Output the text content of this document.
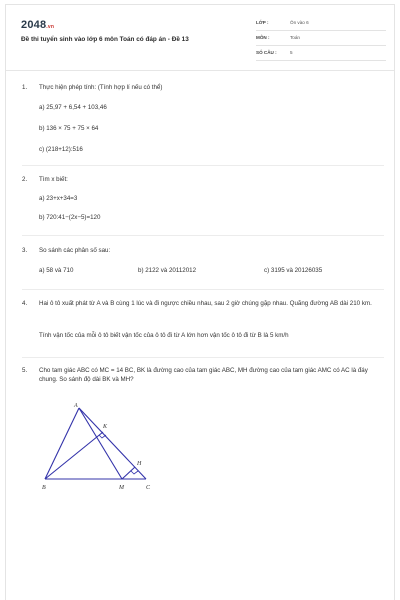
2048.vn
Đề thi tuyển sinh vào lớp 6 môn Toán có đáp án - Đề 13
LỚP :	Ôn vào 6
MÔN :	Toán
SỐ CÂU :	5
1. Thực hiện phép tính: (Tính hợp lí nếu có thể)
a) 25,97 + 6,54 + 103,46
b) 136 × 75 + 75 × 64
c) (218+12):516
2. Tìm x biết:
a) 23+x+34=3
b) 720:41−(2x−5)=120
3. So sánh các phân số sau:
a) 58 và 710	b) 2122 và 20112012	c) 3195 và 20126035
4. Hai ô tô xuất phát từ A và B cùng 1 lúc và đi ngược chiều nhau, sau 2 giờ chúng gặp nhau. Quãng đường AB dài 210 km.
Tính vận tốc của mỗi ô tô biết vận tốc của ô tô đi từ A lớn hơn vận tốc ô tô đi từ B là 5 km/h
5. Cho tam giác ABC có MC = 14 BC, BK là đường cao của tam giác ABC, MH đường cao của tam giác AMC có AC là đáy chung. So sánh độ dài BK và MH?
A
B	C
M
K
H
